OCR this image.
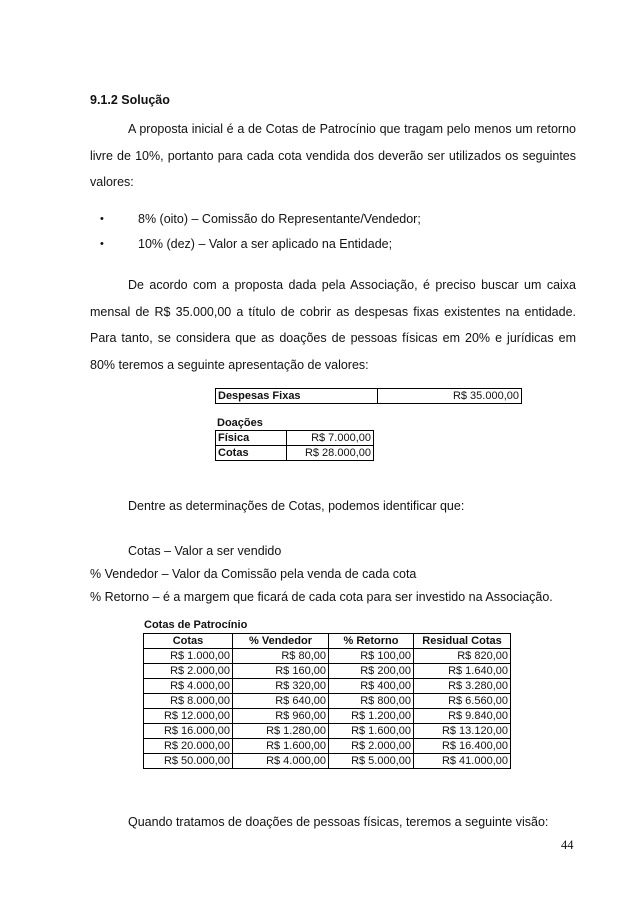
9.1.2 Solução
A proposta inicial é a de Cotas de Patrocínio que tragam pelo menos um retorno livre de 10%, portanto para cada cota vendida dos deverão ser utilizados os seguintes valores:
•	8% (oito) – Comissão do Representante/Vendedor;
•	10% (dez) – Valor a ser aplicado na Entidade;
De acordo com a proposta dada pela Associação, é preciso buscar um caixa mensal de R$ 35.000,00 a título de cobrir as despesas fixas existentes na entidade. Para tanto, se considera que as doações de pessoas físicas em 20% e jurídicas em 80% teremos a seguinte apresentação de valores:
Despesas Fixas		R$ 35.000,00
Doações
Física	R$ 7.000,00
Cotas	R$ 28.000,00
Dentre as determinações de Cotas, podemos identificar que:
Cotas – Valor a ser vendido
% Vendedor – Valor da Comissão pela venda de cada cota
% Retorno – é a margem que ficará de cada cota para ser investido na Associação.
Cotas de Patrocínio
Cotas	% Vendedor	% Retorno	Residual Cotas
R$ 1.000,00	R$ 80,00	R$ 100,00	R$ 820,00
R$ 2.000,00	R$ 160,00	R$ 200,00	R$ 1.640,00
R$ 4.000,00	R$ 320,00	R$ 400,00	R$ 3.280,00
R$ 8.000,00	R$ 640,00	R$ 800,00	R$ 6.560,00
R$ 12.000,00	R$ 960,00	R$ 1.200,00	R$ 9.840,00
R$ 16.000,00	R$ 1.280,00	R$ 1.600,00	R$ 13.120,00
R$ 20.000,00	R$ 1.600,00	R$ 2.000,00	R$ 16.400,00
R$ 50.000,00	R$ 4.000,00	R$ 5.000,00	R$ 41.000,00
Quando tratamos de doações de pessoas físicas, teremos a seguinte visão:
44
